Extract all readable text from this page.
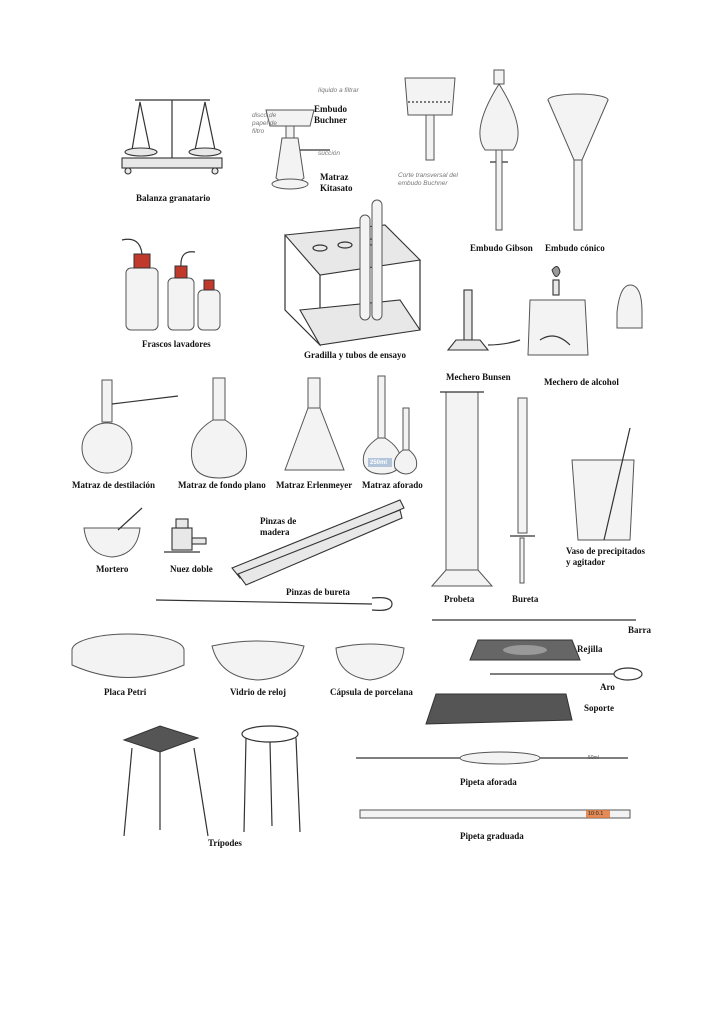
Balanza granatario
Embudo Buchner
Matraz Kitasato
líquido a filtrar
disco de papel de filtro
succión
Corte transversal del embudo Buchner
Embudo Gibson Embudo cónico
Frascos lavadores
Gradilla y tubos de ensayo
Mechero Bunsen	Mechero de alcohol
Matraz de destilación	Matraz de fondo plano Matraz Erlenmeyer Matraz aforado
Mortero	Nuez doble
Pinzas de madera
Pinzas de bureta
Probeta	Bureta
Vaso de precipitados y agitador
Barra
Rejilla
Aro
Soporte
Placa Petri	Vidrio de reloj	Cápsula de porcelana
Trípodes
Pipeta aforada
Pipeta graduada
250ml
50ml
10:0.1
